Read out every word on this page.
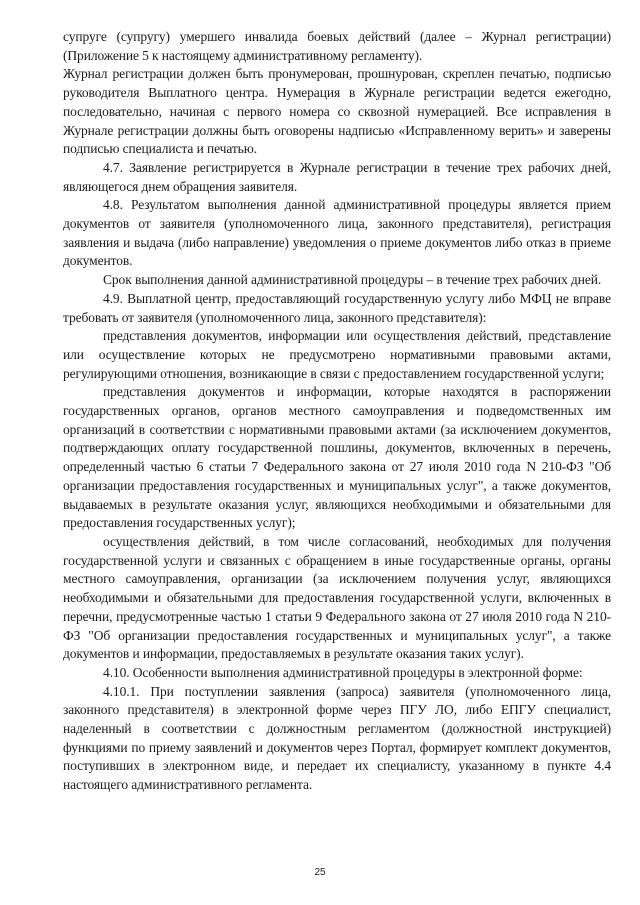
супруге (супругу) умершего инвалида боевых действий (далее – Журнал регистрации) (Приложение 5 к настоящему административному регламенту).

Журнал регистрации должен быть пронумерован, прошнурован, скреплен печатью, подписью руководителя Выплатного центра. Нумерация в Журнале регистрации ведется ежегодно, последовательно, начиная с первого номера со сквозной нумерацией. Все исправления в Журнале регистрации должны быть оговорены надписью «Исправленному верить» и заверены подписью специалиста и печатью.

4.7. Заявление регистрируется в Журнале регистрации в течение трех рабочих дней, являющегося днем обращения заявителя.

4.8. Результатом выполнения данной административной процедуры является прием документов от заявителя (уполномоченного лица, законного представителя), регистрация заявления и выдача (либо направление) уведомления о приеме документов либо отказ в приеме документов.

Срок выполнения данной административной процедуры – в течение трех рабочих дней.

4.9. Выплатной центр, предоставляющий государственную услугу либо МФЦ не вправе требовать от заявителя (уполномоченного лица, законного представителя):

представления документов, информации или осуществления действий, представление или осуществление которых не предусмотрено нормативными правовыми актами, регулирующими отношения, возникающие в связи с предоставлением государственной услуги;

представления документов и информации, которые находятся в распоряжении государственных органов, органов местного самоуправления и подведомственных им организаций в соответствии с нормативными правовыми актами (за исключением документов, подтверждающих оплату государственной пошлины, документов, включенных в перечень, определенный частью 6 статьи 7 Федерального закона от 27 июля 2010 года N 210-ФЗ "Об организации предоставления государственных и муниципальных услуг", а также документов, выдаваемых в результате оказания услуг, являющихся необходимыми и обязательными для предоставления государственных услуг);

осуществления действий, в том числе согласований, необходимых для получения государственной услуги и связанных с обращением в иные государственные органы, органы местного самоуправления, организации (за исключением получения услуг, являющихся необходимыми и обязательными для предоставления государственной услуги, включенных в перечни, предусмотренные частью 1 статьи 9 Федерального закона от 27 июля 2010 года N 210-ФЗ "Об организации предоставления государственных и муниципальных услуг", а также документов и информации, предоставляемых в результате оказания таких услуг).

4.10. Особенности выполнения административной процедуры в электронной форме:

4.10.1. При поступлении заявления (запроса) заявителя (уполномоченного лица, законного представителя) в электронной форме через ПГУ ЛО, либо ЕПГУ специалист, наделенный в соответствии с должностным регламентом (должностной инструкцией) функциями по приему заявлений и документов через Портал, формирует комплект документов, поступивших в электронном виде, и передает их специалисту, указанному в пункте 4.4 настоящего административного регламента.

25
